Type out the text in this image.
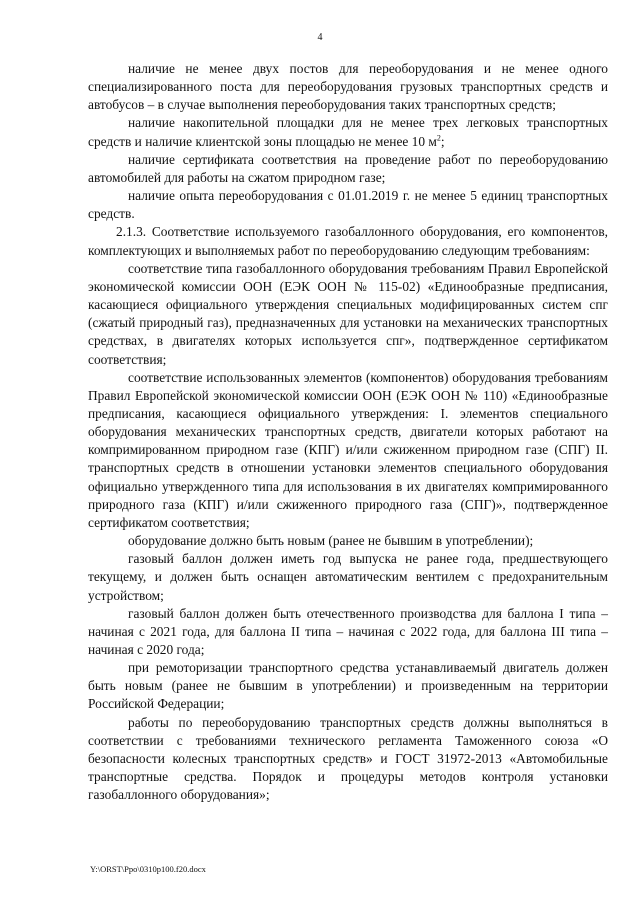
4

наличие не менее двух постов для переоборудования и не менее одного специализированного поста для переоборудования грузовых транспортных средств и автобусов – в случае выполнения переоборудования таких транспортных средств;

наличие накопительной площадки для не менее трех легковых транспортных средств и наличие клиентской зоны площадью не менее 10 $м^2$;

наличие сертификата соответствия на проведение работ по переоборудованию автомобилей для работы на сжатом природном газе;

наличие опыта переоборудования с 01.01.2019 г. не менее 5 единиц транспортных средств.

2.1.3. Соответствие используемого газобаллонного оборудования, его компонентов, комплектующих и выполняемых работ по переоборудованию следующим требованиям:

соответствие типа газобаллонного оборудования требованиям Правил Европейской экономической комиссии ООН (ЕЭК ООН № 115-02) «Единообразные предписания, касающиеся официального утверждения специальных модифицированных систем спг (сжатый природный газ), предназначенных для установки на механических транспортных средствах, в двигателях которых используется спг», подтвержденное сертификатом соответствия;

соответствие использованных элементов (компонентов) оборудования требованиям Правил Европейской экономической комиссии ООН (ЕЭК ООН № 110) «Единообразные предписания, касающиеся официального утверждения: I. элементов специального оборудования механических транспортных средств, двигатели которых работают на компримированном природном газе (КПГ) и/или сжиженном природном газе (СПГ) II. транспортных средств в отношении установки элементов специального оборудования официально утвержденного типа для использования в их двигателях компримированного природного газа (КПГ) и/или сжиженного природного газа (СПГ)», подтвержденное сертификатом соответствия;

оборудование должно быть новым (ранее не бывшим в употреблении);

газовый баллон должен иметь год выпуска не ранее года, предшествующего текущему, и должен быть оснащен автоматическим вентилем с предохранительным устройством;

газовый баллон должен быть отечественного производства для баллона I типа – начиная с 2021 года, для баллона II типа – начиная с 2022 года, для баллона III типа – начиная с 2020 года;

при ремоторизации транспортного средства устанавливаемый двигатель должен быть новым (ранее не бывшим в употреблении) и произведенным на территории Российской Федерации;

работы по переоборудованию транспортных средств должны выполняться в соответствии с требованиями технического регламента Таможенного союза «О безопасности колесных транспортных средств» и ГОСТ 31972-2013 «Автомобильные транспортные средства. Порядок и процедуры методов контроля установки газобаллонного оборудования»;

Y:\ORST\Ppo\0310p100.f20.docx
